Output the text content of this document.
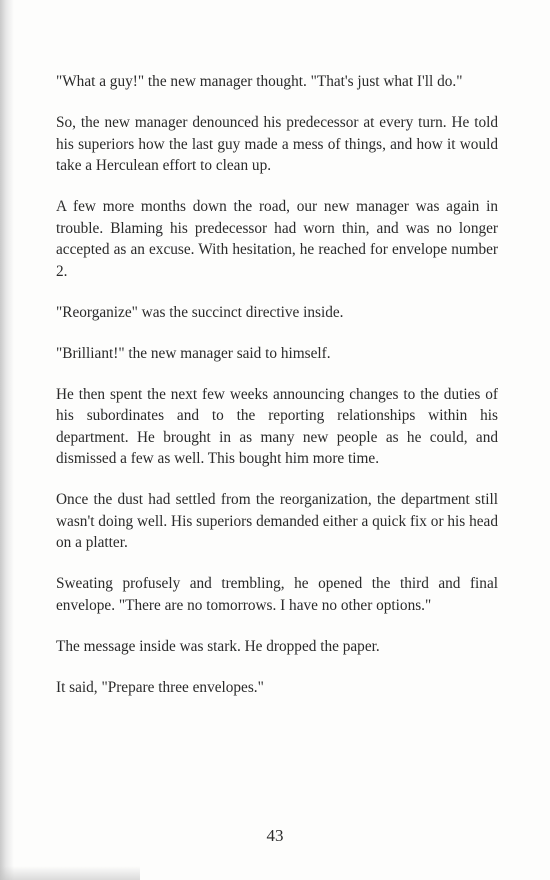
"What a guy!" the new manager thought. "That's just what I'll do."

So, the new manager denounced his predecessor at every turn. He told his superiors how the last guy made a mess of things, and how it would take a Herculean effort to clean up.

A few more months down the road, our new manager was again in trouble. Blaming his predecessor had worn thin, and was no longer accepted as an excuse. With hesitation, he reached for envelope number 2.

"Reorganize" was the succinct directive inside.

"Brilliant!" the new manager said to himself.

He then spent the next few weeks announcing changes to the duties of his subordinates and to the reporting relationships within his department. He brought in as many new people as he could, and dismissed a few as well. This bought him more time.

Once the dust had settled from the reorganization, the department still wasn't doing well. His superiors demanded either a quick fix or his head on a platter.

Sweating profusely and trembling, he opened the third and final envelope. "There are no tomorrows. I have no other options."

The message inside was stark. He dropped the paper.

It said, "Prepare three envelopes."

43
